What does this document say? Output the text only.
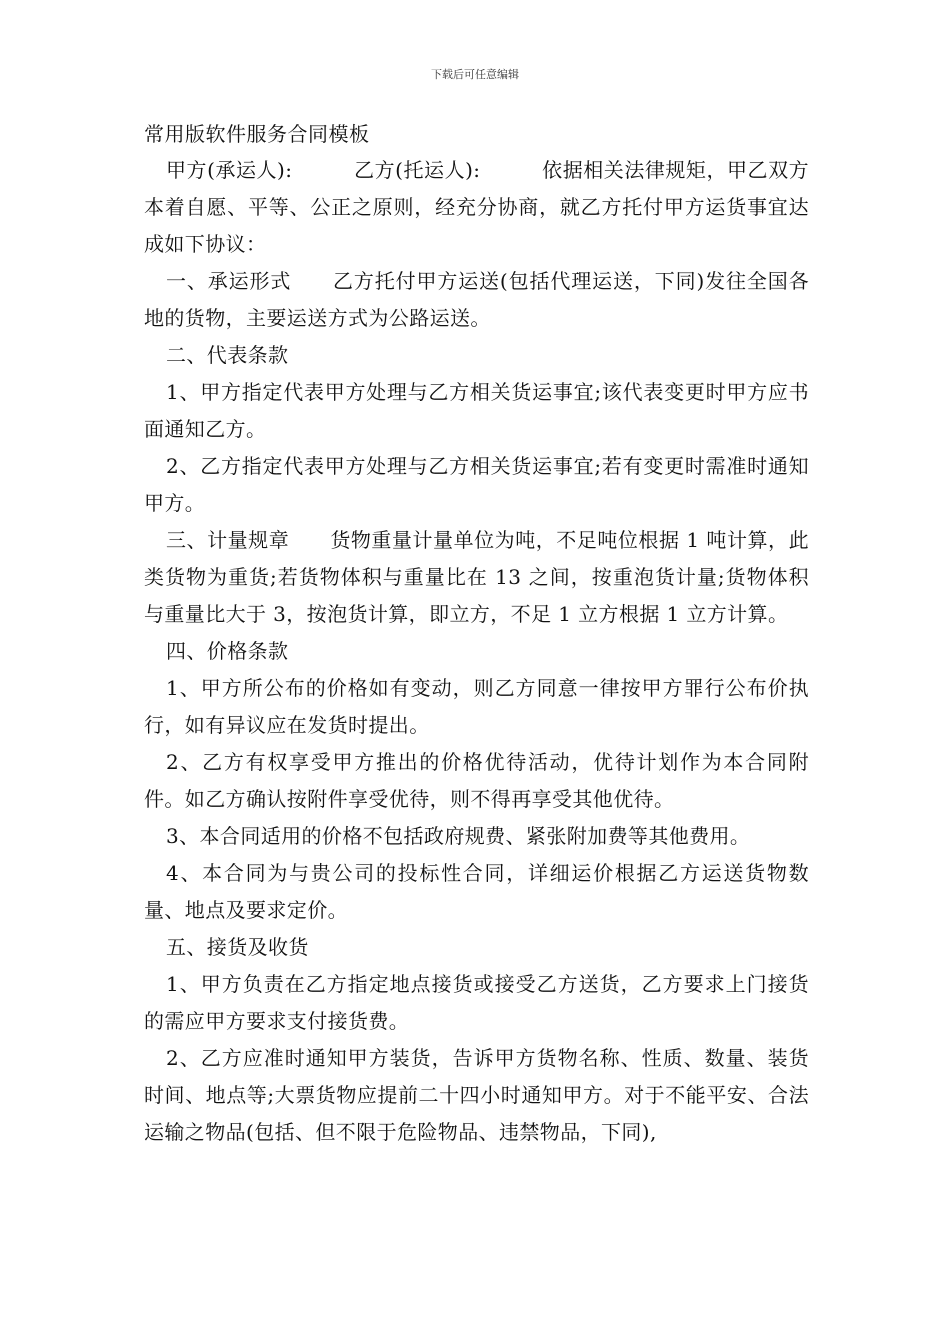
下载后可任意编辑
常用版软件服务合同模板

甲方(承运人):　　　乙方(托运人):　　　依据相关法律规矩，甲乙双方本着自愿、平等、公正之原则，经充分协商，就乙方托付甲方运货事宜达成如下协议：

一、承运形式　　乙方托付甲方运送(包括代理运送，下同)发往全国各地的货物，主要运送方式为公路运送。

二、代表条款

1、甲方指定代表甲方处理与乙方相关货运事宜;该代表变更时甲方应书面通知乙方。

2、乙方指定代表甲方处理与乙方相关货运事宜;若有变更时需准时通知甲方。

三、计量规章　　货物重量计量单位为吨，不足吨位根据 1 吨计算，此类货物为重货;若货物体积与重量比在 13 之间，按重泡货计量;货物体积与重量比大于 3，按泡货计算，即立方，不足 1 立方根据 1 立方计算。

四、价格条款

1、甲方所公布的价格如有变动，则乙方同意一律按甲方罪行公布价执行，如有异议应在发货时提出。

2、乙方有权享受甲方推出的价格优待活动，优待计划作为本合同附件。如乙方确认按附件享受优待，则不得再享受其他优待。

3、本合同适用的价格不包括政府规费、紧张附加费等其他费用。

4、本合同为与贵公司的投标性合同，详细运价根据乙方运送货物数量、地点及要求定价。

五、接货及收货

1、甲方负责在乙方指定地点接货或接受乙方送货，乙方要求上门接货的需应甲方要求支付接货费。

2、乙方应准时通知甲方装货，告诉甲方货物名称、性质、数量、装货时间、地点等;大票货物应提前二十四小时通知甲方。对于不能平安、合法运输之物品(包括、但不限于危险物品、违禁物品，下同),
